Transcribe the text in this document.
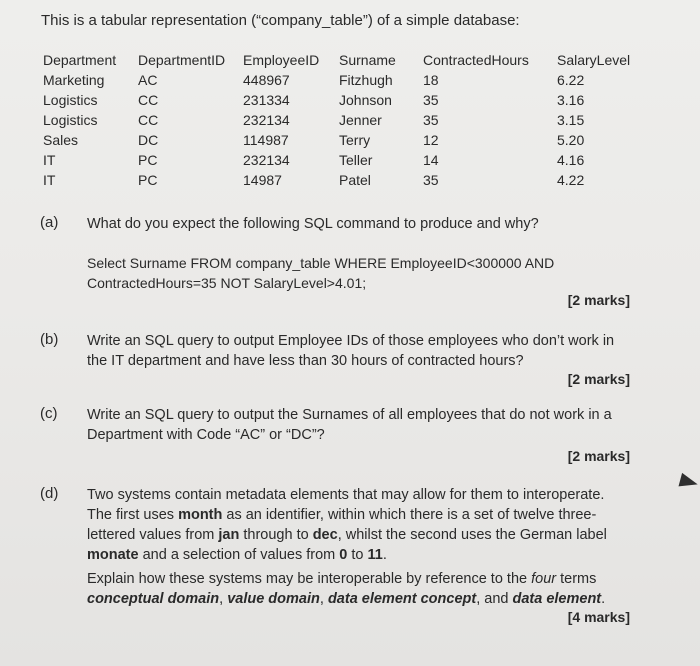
This is a tabular representation (“company_table”) of a simple database:
Department	DepartmentID	EmployeeID	Surname	ContractedHours	SalaryLevel
Marketing	AC	448967	Fitzhugh	18	6.22
Logistics	CC	231334	Johnson	35	3.16
Logistics	CC	232134	Jenner	35	3.15
Sales	DC	114987	Terry	12	5.20
IT	PC	232134	Teller	14	4.16
IT	PC	14987	Patel	35	4.22
(a) What do you expect the following SQL command to produce and why?
Select Surname FROM company_table WHERE EmployeeID<300000 AND
ContractedHours=35 NOT SalaryLevel>4.01;
[2 marks]
(b) Write an SQL query to output Employee IDs of those employees who don’t work in
the IT department and have less than 30 hours of contracted hours?
[2 marks]
(c) Write an SQL query to output the Surnames of all employees that do not work in a
Department with Code “AC” or “DC”?
[2 marks]
(d) Two systems contain metadata elements that may allow for them to interoperate.
The first uses month as an identifier, within which there is a set of twelve three-
lettered values from jan through to dec, whilst the second uses the German label
monate and a selection of values from 0 to 11.
Explain how these systems may be interoperable by reference to the four terms
conceptual domain, value domain, data element concept, and data element.
[4 marks]
